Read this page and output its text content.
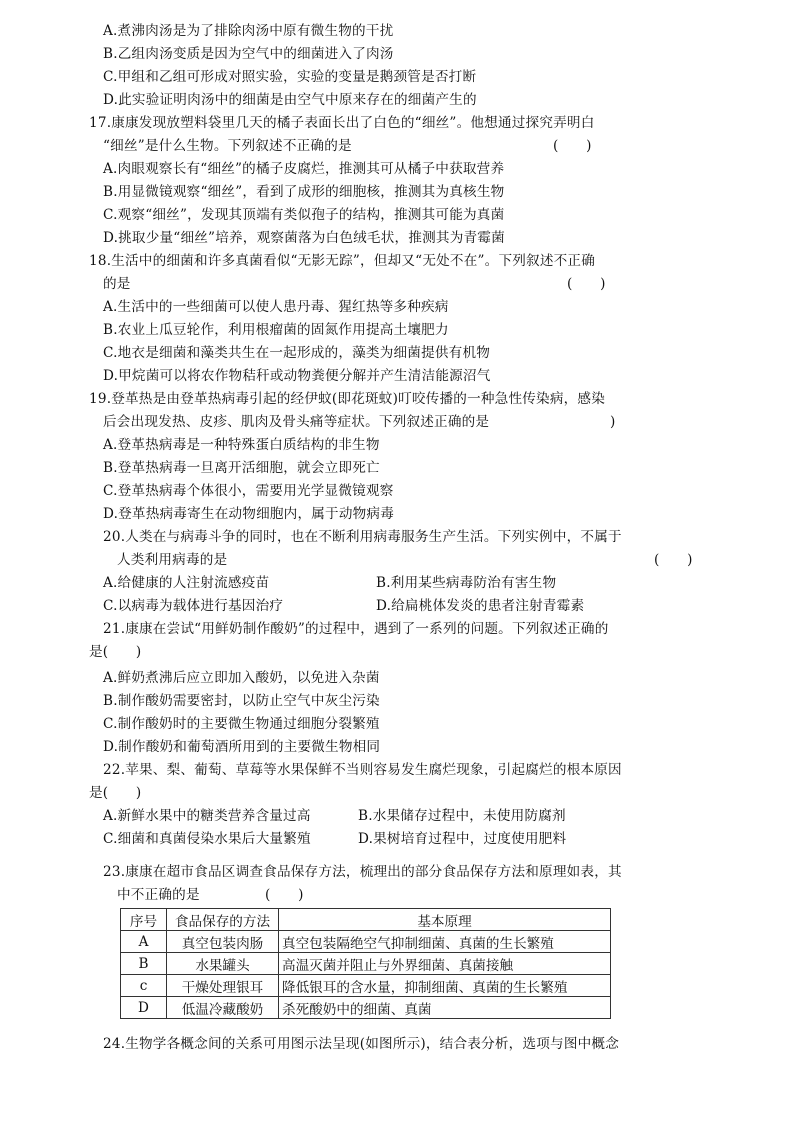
A.煮沸肉汤是为了排除肉汤中原有微生物的干扰
B.乙组肉汤变质是因为空气中的细菌进入了肉汤
C.甲组和乙组可形成对照实验，实验的变量是鹅颈管是否打断
D.此实验证明肉汤中的细菌是由空气中原来存在的细菌产生的
17.康康发现放塑料袋里几天的橘子表面长出了白色的“细丝”。他想通过探究弄明白
“细丝”是什么生物。下列叙述不正确的是	(　　)
A.肉眼观察长有“细丝”的橘子皮腐烂，推测其可从橘子中获取营养
B.用显微镜观察“细丝”，看到了成形的细胞核，推测其为真核生物
C.观察“细丝”，发现其顶端有类似孢子的结构，推测其可能为真菌
D.挑取少量“细丝”培养，观察菌落为白色绒毛状，推测其为青霉菌
18.生活中的细菌和许多真菌看似“无影无踪”，但却又“无处不在”。下列叙述不正确
的是	(　　)
A.生活中的一些细菌可以使人患丹毒、猩红热等多种疾病
B.农业上瓜豆轮作，利用根瘤菌的固氮作用提高土壤肥力
C.地衣是细菌和藻类共生在一起形成的，藻类为细菌提供有机物
D.甲烷菌可以将农作物秸秆或动物粪便分解并产生清洁能源沼气
19.登革热是由登革热病毒引起的经伊蚊(即花斑蚊)叮咬传播的一种急性传染病，感染
后会出现发热、皮疹、肌肉及骨头痛等症状。下列叙述正确的是	)
A.登革热病毒是一种特殊蛋白质结构的非生物
B.登革热病毒一旦离开活细胞，就会立即死亡
C.登革热病毒个体很小，需要用光学显微镜观察
D.登革热病毒寄生在动物细胞内，属于动物病毒
20.人类在与病毒斗争的同时，也在不断利用病毒服务生产生活。下列实例中，不属于
人类利用病毒的是	(　　)
A.给健康的人注射流感疫苗	B.利用某些病毒防治有害生物
C.以病毒为载体进行基因治疗	D.给扁桃体发炎的患者注射青霉素
21.康康在尝试“用鲜奶制作酸奶”的过程中，遇到了一系列的问题。下列叙述正确的
是(　　)
A.鲜奶煮沸后应立即加入酸奶，以免进入杂菌
B.制作酸奶需要密封，以防止空气中灰尘污染
C.制作酸奶时的主要微生物通过细胞分裂繁殖
D.制作酸奶和葡萄酒所用到的主要微生物相同
22.苹果、梨、葡萄、草莓等水果保鲜不当则容易发生腐烂现象，引起腐烂的根本原因
是(　　)
A.新鲜水果中的糖类营养含量过高	B.水果储存过程中，未使用防腐剂
C.细菌和真菌侵染水果后大量繁殖	D.果树培育过程中，过度使用肥料
23.康康在超市食品区调查食品保存方法，梳理出的部分食品保存方法和原理如表，其
中不正确的是	(　　)
序号	食品保存的方法	基本原理
A	真空包装肉肠	真空包装隔绝空气抑制细菌、真菌的生长繁殖
B	水果罐头	高温灭菌并阻止与外界细菌、真菌接触
c	干燥处理银耳	降低银耳的含水量，抑制细菌、真菌的生长繁殖
D	低温冷藏酸奶	杀死酸奶中的细菌、真菌
24.生物学各概念间的关系可用图示法呈现(如图所示)，结合表分析，选项与图中概念
